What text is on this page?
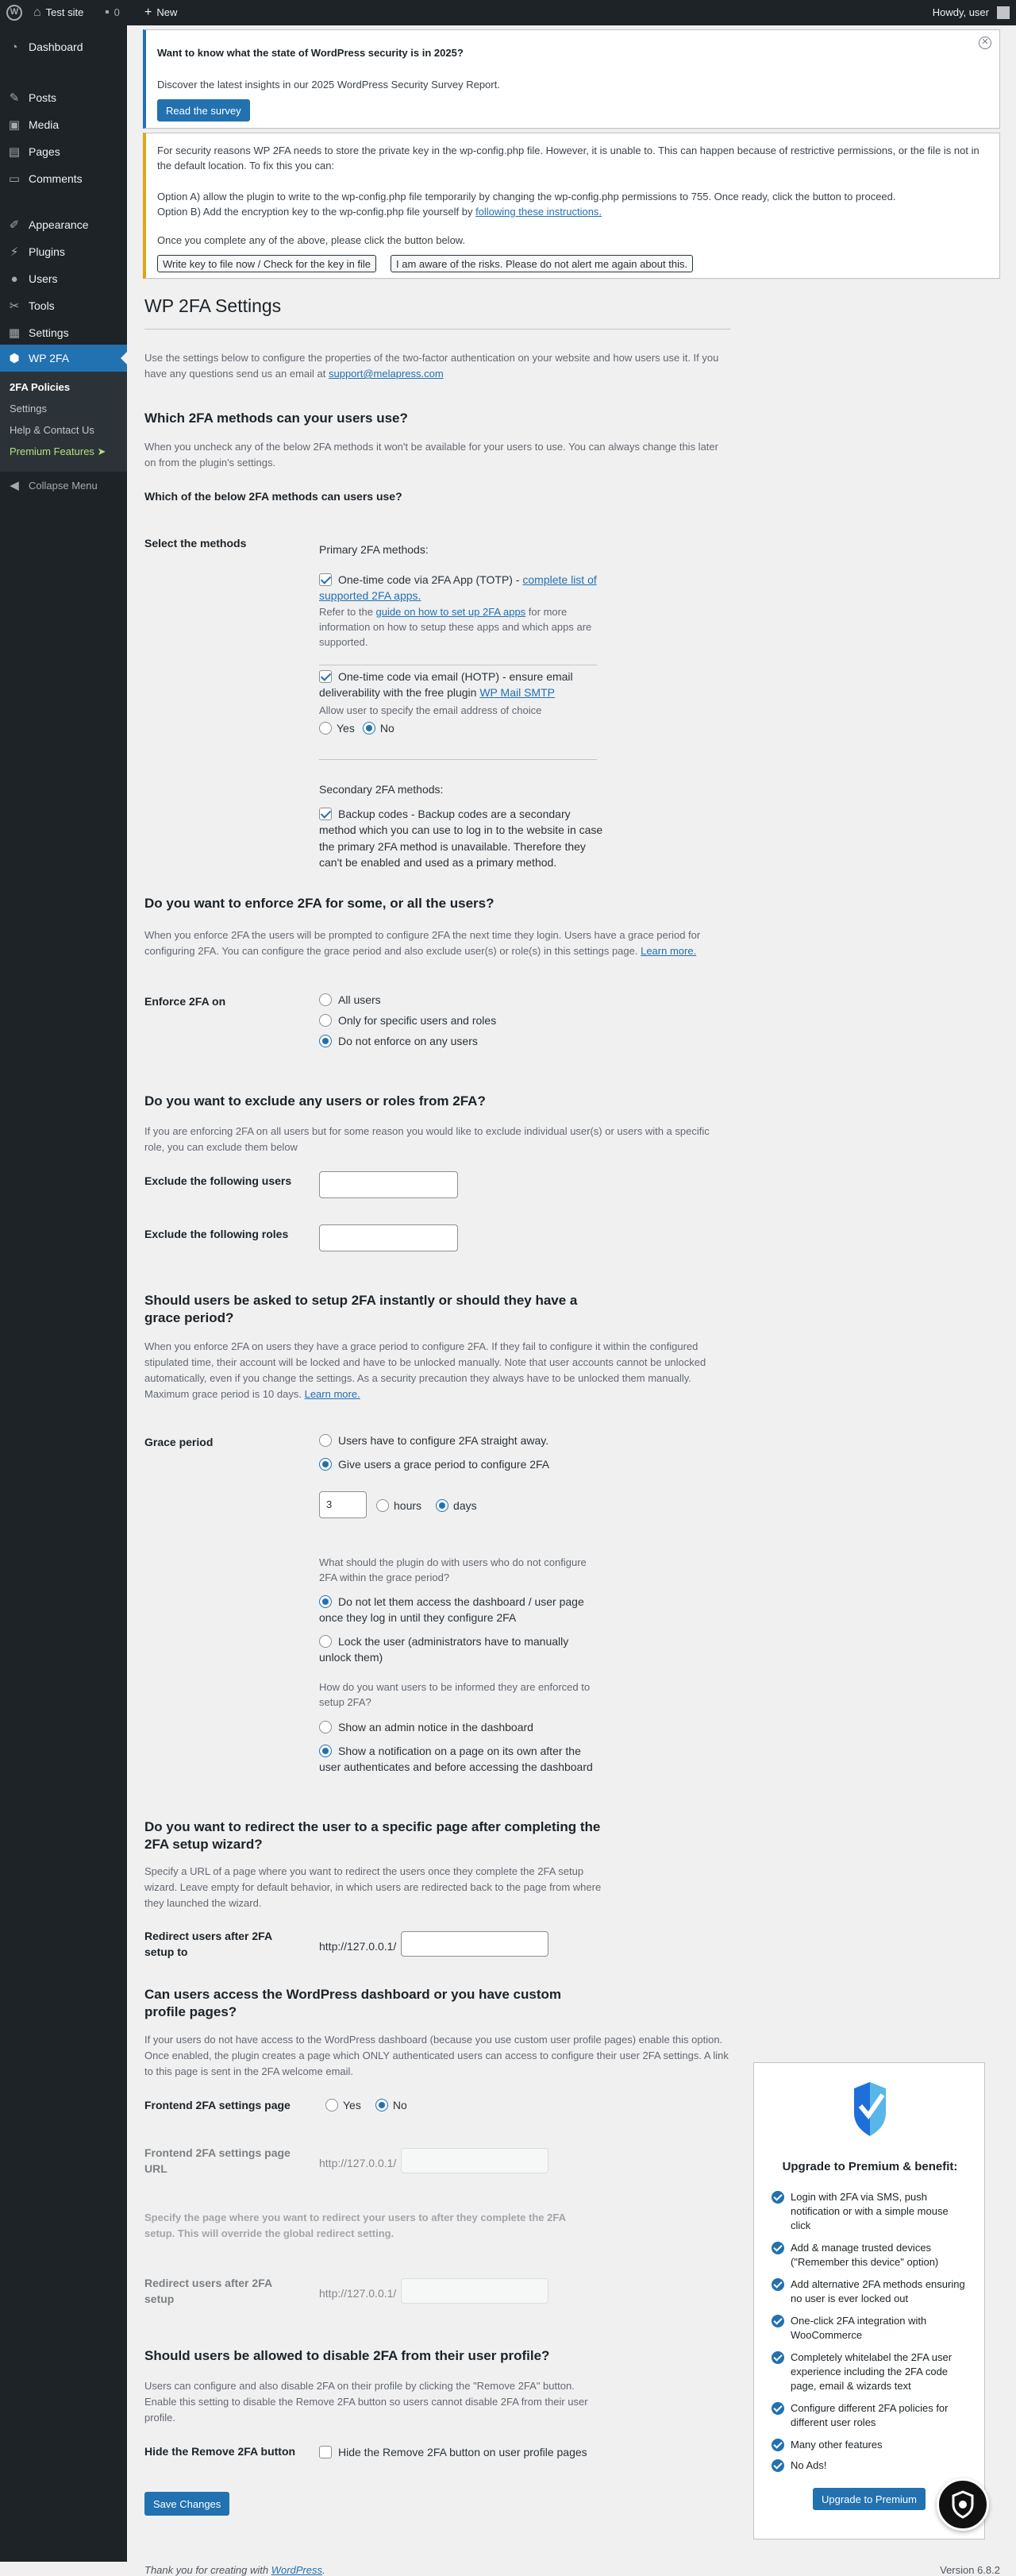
W	⌂ Test site ▪ 0 + New	Howdy, user
◔ Dashboard
✎ Posts
▣ Media
▤ Pages
▭ Comments
✐ Appearance
⚡ Plugins
● Users
✂ Tools
▦ Settings
⬢ WP 2FA
2FA Policies
Settings
Help & Contact Us
Premium Features ➤
◀ Collapse Menu
Want to know what the state of WordPress security is in 2025?
Discover the latest insights in our 2025 WordPress Security Survey Report.
Read the survey
✕
For security reasons WP 2FA needs to store the private key in the wp-config.php file. However, it is unable to. This can happen because of restrictive permissions, or the file is not in the default location. To fix this you can:
Option A) allow the plugin to write to the wp-config.php file temporarily by changing the wp-config.php permissions to 755. Once ready, click the button to proceed.
Option B) Add the encryption key to the wp-config.php file yourself by following these instructions.
Once you complete any of the above, please click the button below.
Write key to file now / Check for the key in file	I am aware of the risks. Please do not alert me again about this.
WP 2FA Settings
Use the settings below to configure the properties of the two-factor authentication on your website and how users use it. If you have any questions send us an email at support@melapress.com
Which 2FA methods can your users use?
When you uncheck any of the below 2FA methods it won't be available for your users to use. You can always change this later on from the plugin's settings.
Which of the below 2FA methods can users use?
Select the methods	Primary 2FA methods:
One-time code via 2FA App (TOTP) - complete list of supported 2FA apps.
Refer to the guide on how to set up 2FA apps for more information on how to setup these apps and which apps are supported.
One-time code via email (HOTP) - ensure email deliverability with the free plugin WP Mail SMTP
Allow user to specify the email address of choice
Yes No
Secondary 2FA methods:
Backup codes - Backup codes are a secondary method which you can use to log in to the website in case the primary 2FA method is unavailable. Therefore they can't be enabled and used as a primary method.
Do you want to enforce 2FA for some, or all the users?
When you enforce 2FA the users will be prompted to configure 2FA the next time they login. Users have a grace period for configuring 2FA. You can configure the grace period and also exclude user(s) or role(s) in this settings page. Learn more.
Enforce 2FA on	All users
Only for specific users and roles
Do not enforce on any users
Do you want to exclude any users or roles from 2FA?
If you are enforcing 2FA on all users but for some reason you would like to exclude individual user(s) or users with a specific role, you can exclude them below
Exclude the following users
Exclude the following roles
Should users be asked to setup 2FA instantly or should they have a grace period?
When you enforce 2FA on users they have a grace period to configure 2FA. If they fail to configure it within the configured stipulated time, their account will be locked and have to be unlocked manually. Note that user accounts cannot be unlocked automatically, even if you change the settings. As a security precaution they always have to be unlocked them manually. Maximum grace period is 10 days. Learn more.
Grace period	Users have to configure 2FA straight away.
Give users a grace period to configure 2FA
3	hours	days
What should the plugin do with users who do not configure 2FA within the grace period?
Do not let them access the dashboard / user page once they log in until they configure 2FA
Lock the user (administrators have to manually unlock them)
How do you want users to be informed they are enforced to setup 2FA?
Show an admin notice in the dashboard
Show a notification on a page on its own after the user authenticates and before accessing the dashboard
Do you want to redirect the user to a specific page after completing the 2FA setup wizard?
Specify a URL of a page where you want to redirect the users once they complete the 2FA setup wizard. Leave empty for default behavior, in which users are redirected back to the page from where they launched the wizard.
Redirect users after 2FA setup to	http://127.0.0.1/
Can users access the WordPress dashboard or you have custom profile pages?
If your users do not have access to the WordPress dashboard (because you use custom user profile pages) enable this option. Once enabled, the plugin creates a page which ONLY authenticated users can access to configure their user 2FA settings. A link to this page is sent in the 2FA welcome email.
Frontend 2FA settings page	Yes	No
Frontend 2FA settings page URL	http://127.0.0.1/
Specify the page where you want to redirect your users to after they complete the 2FA setup. This will override the global redirect setting.
Redirect users after 2FA setup	http://127.0.0.1/
Should users be allowed to disable 2FA from their user profile?
Users can configure and also disable 2FA on their profile by clicking the "Remove 2FA" button. Enable this setting to disable the Remove 2FA button so users cannot disable 2FA from their user profile.
Hide the Remove 2FA button	Hide the Remove 2FA button on user profile pages
Save Changes
Thank you for creating with WordPress.	Version 6.8.2
Upgrade to Premium & benefit:
Login with 2FA via SMS, push notification or with a simple mouse click
Add & manage trusted devices ("Remember this device" option)
Add alternative 2FA methods ensuring no user is ever locked out
One-click 2FA integration with WooCommerce
Completely whitelabel the 2FA user experience including the 2FA code page, email & wizards text
Configure different 2FA policies for different user roles
Many other features
No Ads!
Upgrade to Premium
